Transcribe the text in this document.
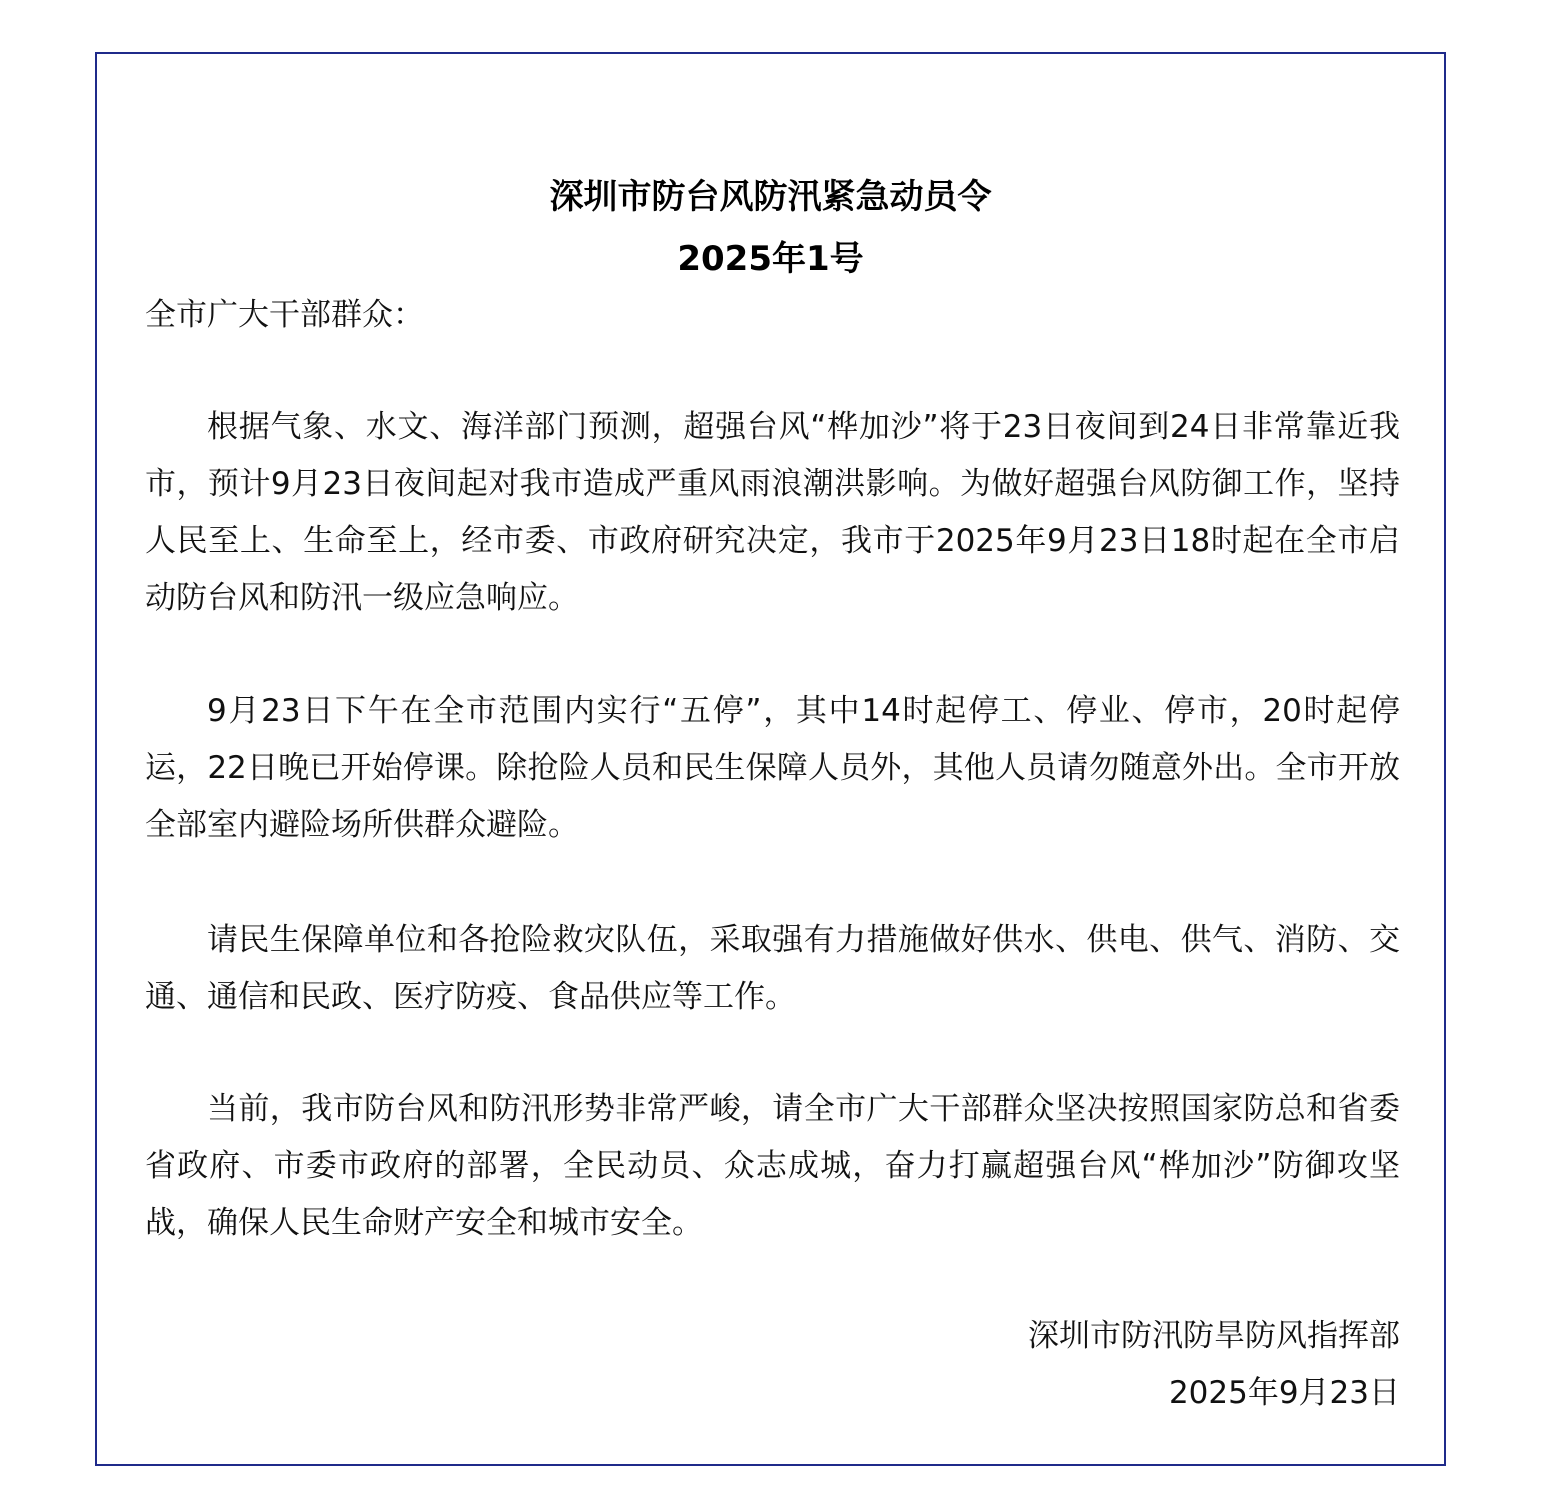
深圳市防台风防汛紧急动员令
2025年1号

全市广大干部群众：

根据气象、水文、海洋部门预测，超强台风“桦加沙”将于23日夜间到24日非常靠近我市，预计9月23日夜间起对我市造成严重风雨浪潮洪影响。为做好超强台风防御工作，坚持人民至上、生命至上，经市委、市政府研究决定，我市于2025年9月23日18时起在全市启动防台风和防汛一级应急响应。

9月23日下午在全市范围内实行“五停”，其中14时起停工、停业、停市，20时起停运，22日晚已开始停课。除抢险人员和民生保障人员外，其他人员请勿随意外出。全市开放全部室内避险场所供群众避险。

请民生保障单位和各抢险救灾队伍，采取强有力措施做好供水、供电、供气、消防、交通、通信和民政、医疗防疫、食品供应等工作。

当前，我市防台风和防汛形势非常严峻，请全市广大干部群众坚决按照国家防总和省委省政府、市委市政府的部署，全民动员、众志成城，奋力打赢超强台风“桦加沙”防御攻坚战，确保人民生命财产安全和城市安全。

深圳市防汛防旱防风指挥部
2025年9月23日
